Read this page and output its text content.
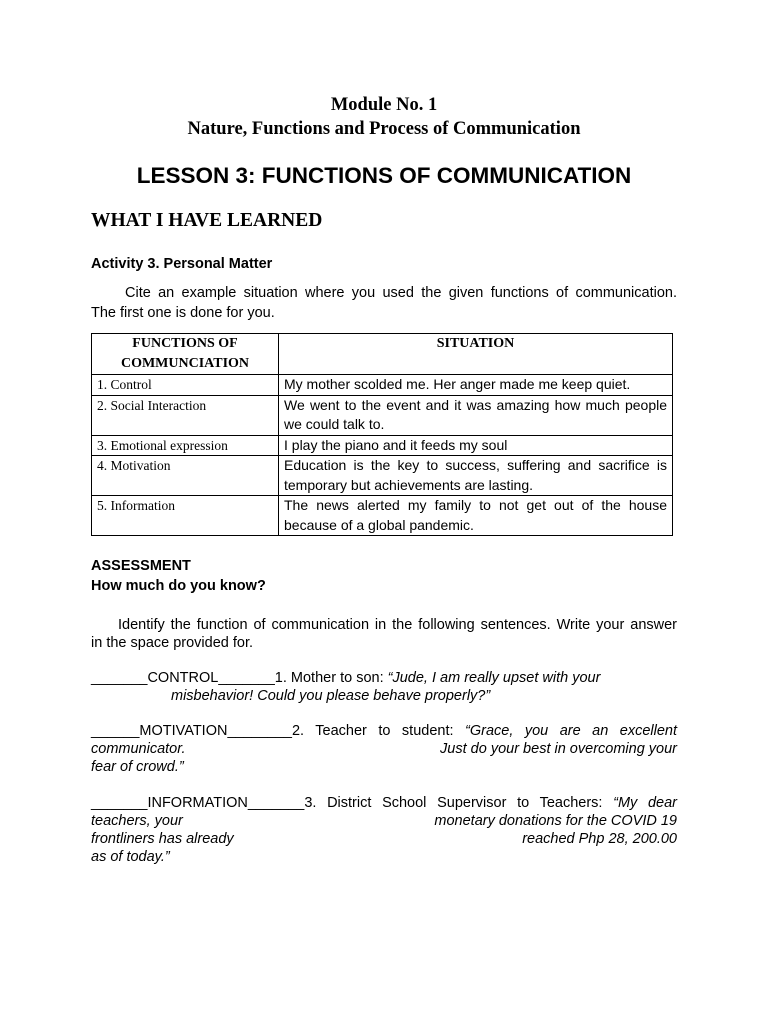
Module No. 1
Nature, Functions and Process of Communication
LESSON 3: FUNCTIONS OF COMMUNICATION
WHAT I HAVE LEARNED
Activity 3. Personal Matter
Cite an example situation where you used the given functions of communication.
The first one is done for you.
FUNCTIONS OF
COMMUNCIATION	SITUATION
1. Control	My mother scolded me. Her anger made me keep quiet.
2. Social Interaction	We went to the event and it was amazing how much people we could talk to.
3. Emotional expression	I play the piano and it feeds my soul
4. Motivation	Education is the key to success, suffering and sacrifice is temporary but achievements are lasting.
5. Information	The news alerted my family to not get out of the house because of a global pandemic.
ASSESSMENT
How much do you know?
Identify the function of communication in the following sentences. Write your answer
in the space provided for.
_______CONTROL_______1. Mother to son: “Jude, I am really upset with your
misbehavior! Could you please behave properly?”
______MOTIVATION________2. Teacher to student: “Grace, you are an excellent
communicator.	Just do your best in overcoming your
fear of crowd.”
_______INFORMATION_______3. District School Supervisor to Teachers: “My dear
teachers, your	monetary donations for the COVID 19
frontliners has already	reached Php 28, 200.00
as of today.”
